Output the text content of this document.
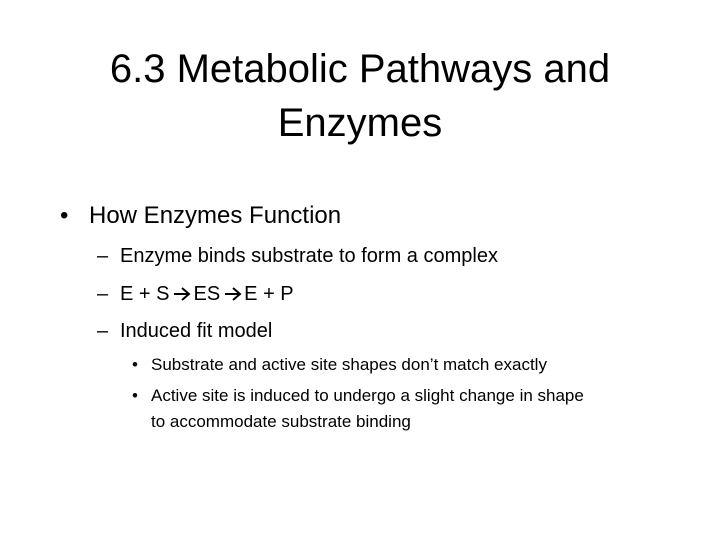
6.3 Metabolic Pathways and
Enzymes
• How Enzymes Function
– Enzyme binds substrate to form a complex
– E + S ES E + P
– Induced fit model
• Substrate and active site shapes don’t match exactly
• Active site is induced to undergo a slight change in shape
to accommodate substrate binding
